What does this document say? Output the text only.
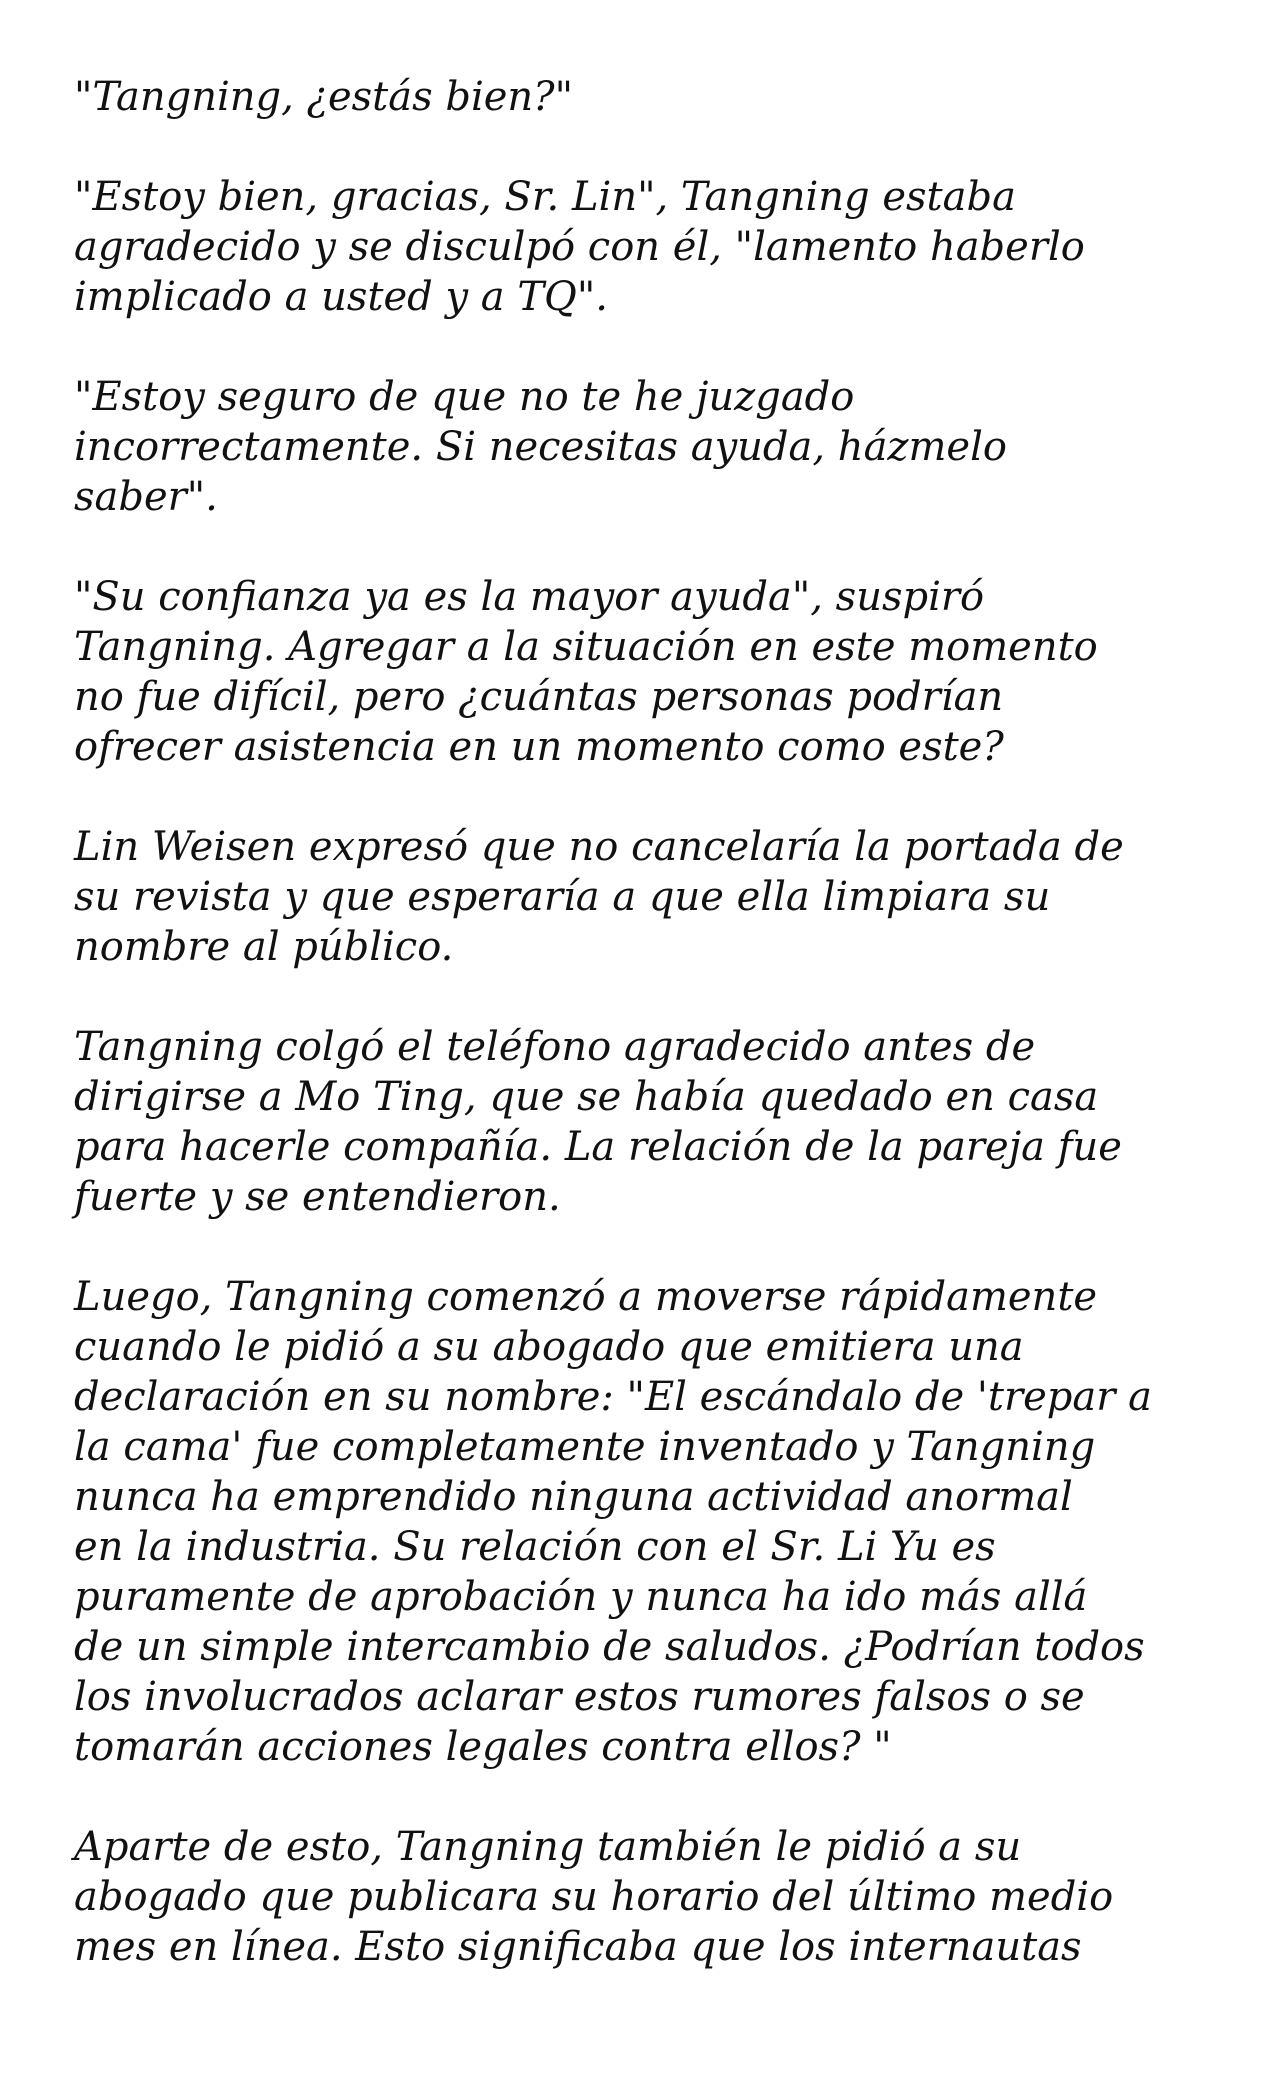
"Tangning, ¿estás bien?"

"Estoy bien, gracias, Sr. Lin", Tangning estaba
agradecido y se disculpó con él, "lamento haberlo
implicado a usted y a TQ".

"Estoy seguro de que no te he juzgado
incorrectamente. Si necesitas ayuda, házmelo
saber".

"Su confianza ya es la mayor ayuda", suspiró
Tangning. Agregar a la situación en este momento
no fue difícil, pero ¿cuántas personas podrían
ofrecer asistencia en un momento como este?

Lin Weisen expresó que no cancelaría la portada de
su revista y que esperaría a que ella limpiara su
nombre al público.

Tangning colgó el teléfono agradecido antes de
dirigirse a Mo Ting, que se había quedado en casa
para hacerle compañía. La relación de la pareja fue
fuerte y se entendieron.

Luego, Tangning comenzó a moverse rápidamente
cuando le pidió a su abogado que emitiera una
declaración en su nombre: "El escándalo de 'trepar a
la cama' fue completamente inventado y Tangning
nunca ha emprendido ninguna actividad anormal
en la industria. Su relación con el Sr. Li Yu es
puramente de aprobación y nunca ha ido más allá
de un simple intercambio de saludos. ¿Podrían todos
los involucrados aclarar estos rumores falsos o se
tomarán acciones legales contra ellos? "

Aparte de esto, Tangning también le pidió a su
abogado que publicara su horario del último medio
mes en línea. Esto significaba que los internautas
